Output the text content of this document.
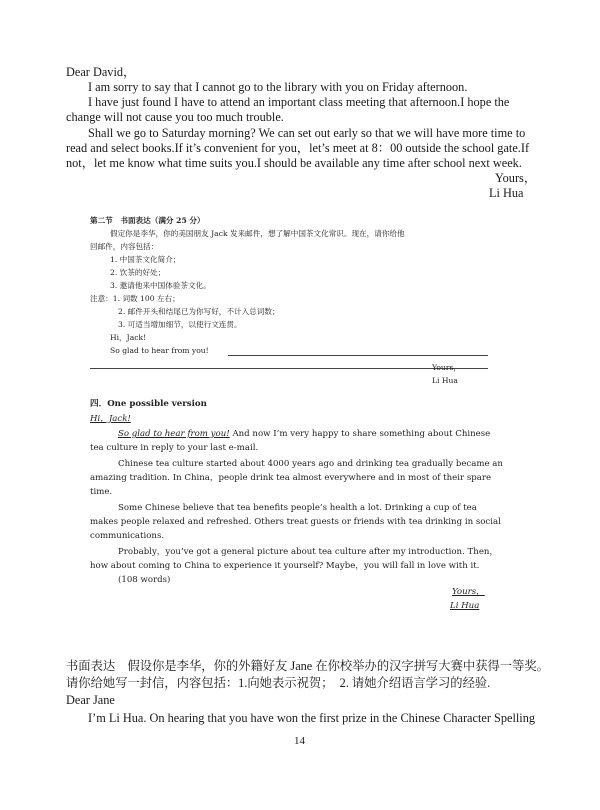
Dear David，
I am sorry to say that I cannot go to the library with you on Friday afternoon.
I have just found I have to attend an important class meeting that afternoon.I hope the
change will not cause you too much trouble.
Shall we go to Saturday morning? We can set out early so that we will have more time to
read and select books.If it’s convenient for you，let’s meet at 8：00 outside the school gate.If
not，let me know what time suits you.I should be available any time after school next week.
Yours，
Li Hua
第二节　书面表达（满分 25 分）
假定你是李华，你的美国朋友 Jack 发来邮件，想了解中国茶文化常识。现在，请你给他
回邮件，内容包括：
1. 中国茶文化简介；
2. 饮茶的好处；
3. 邀请他来中国体验茶文化。
注意：1. 词数 100 左右；
2. 邮件开头和结尾已为你写好，不计入总词数；
3. 可适当增加细节，以使行文连贯。
Hi，Jack!
So glad to hear from you!
Yours，
Li Hua
四．One possible version
Hi，Jack!
So glad to hear from you! And now I’m very happy to share something about Chinese
tea culture in reply to your last e-mail.
Chinese tea culture started about 4000 years ago and drinking tea gradually became an
amazing tradition. In China，people drink tea almost everywhere and in most of their spare
time.
Some Chinese believe that tea benefits people’s health a lot. Drinking a cup of tea
makes people relaxed and refreshed. Others treat guests or friends with tea drinking in social
communications.
Probably，you’ve got a general picture about tea culture after my introduction. Then，
how about coming to China to experience it yourself? Maybe，you will fall in love with it.
(108 words)
Yours，
Li Hua
书面表达　假设你是李华，你的外籍好友 Jane 在你校举办的汉字拼写大赛中获得一等奖。
请你给她写一封信，内容包括：1.向她表示祝贺；　2. 请她介绍语言学习的经验.
Dear Jane
I’m Li Hua. On hearing that you have won the first prize in the Chinese Character Spelling
14
